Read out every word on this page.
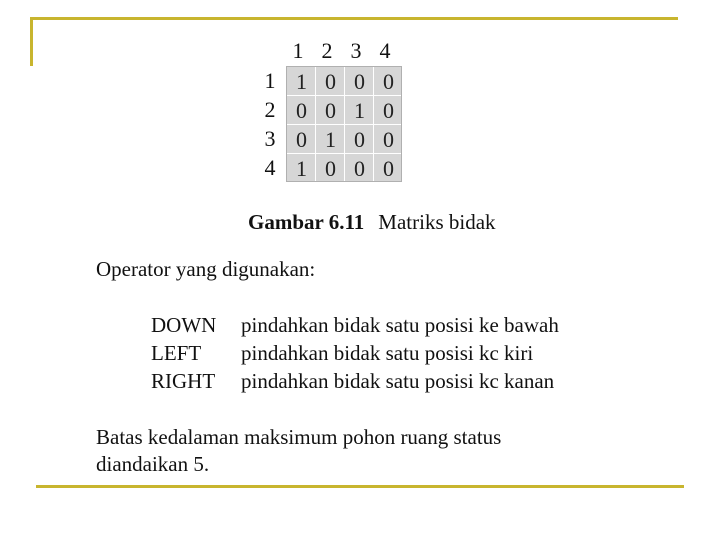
1 2 3 4
1
2
3
4
1 0 0 0
0 0 1 0
0 1 0 0
1 0 0 0
Gambar 6.11 Matriks bidak
Operator yang digunakan:
DOWN pindahkan bidak satu posisi ke bawah
LEFT pindahkan bidak satu posisi kc kiri
RIGHT pindahkan bidak satu posisi kc kanan
Batas kedalaman maksimum pohon ruang status
diandaikan 5.
